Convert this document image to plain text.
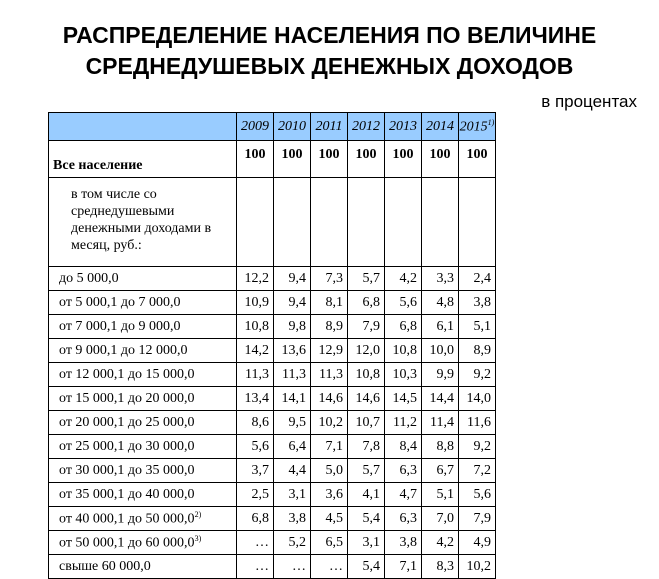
РАСПРЕДЕЛЕНИЕ НАСЕЛЕНИЯ ПО ВЕЛИЧИНЕ
СРЕДНЕДУШЕВЫХ ДЕНЕЖНЫХ ДОХОДОВ
в процентах
	2009	2010	2011	2012	2013	2014	2015$^{1)}$
Все население	100	100	100	100	100	100	100
в том числе со среднедушевыми денежными доходами в месяц, руб.:							
до 5 000,0	12,2	9,4	7,3	5,7	4,2	3,3	2,4
от 5 000,1 до 7 000,0	10,9	9,4	8,1	6,8	5,6	4,8	3,8
от 7 000,1 до 9 000,0	10,8	9,8	8,9	7,9	6,8	6,1	5,1
от 9 000,1 до 12 000,0	14,2	13,6	12,9	12,0	10,8	10,0	8,9
от 12 000,1 до 15 000,0	11,3	11,3	11,3	10,8	10,3	9,9	9,2
от 15 000,1 до 20 000,0	13,4	14,1	14,6	14,6	14,5	14,4	14,0
от 20 000,1 до 25 000,0	8,6	9,5	10,2	10,7	11,2	11,4	11,6
от 25 000,1 до 30 000,0	5,6	6,4	7,1	7,8	8,4	8,8	9,2
от 30 000,1 до 35 000,0	3,7	4,4	5,0	5,7	6,3	6,7	7,2
от 35 000,1 до 40 000,0	2,5	3,1	3,6	4,1	4,7	5,1	5,6
от 40 000,1 до 50 000,0$^{2)}$	6,8	3,8	4,5	5,4	6,3	7,0	7,9
от 50 000,1 до 60 000,0$^{3)}$	…	5,2	6,5	3,1	3,8	4,2	4,9
свыше 60 000,0	…	…	…	5,4	7,1	8,3	10,2
